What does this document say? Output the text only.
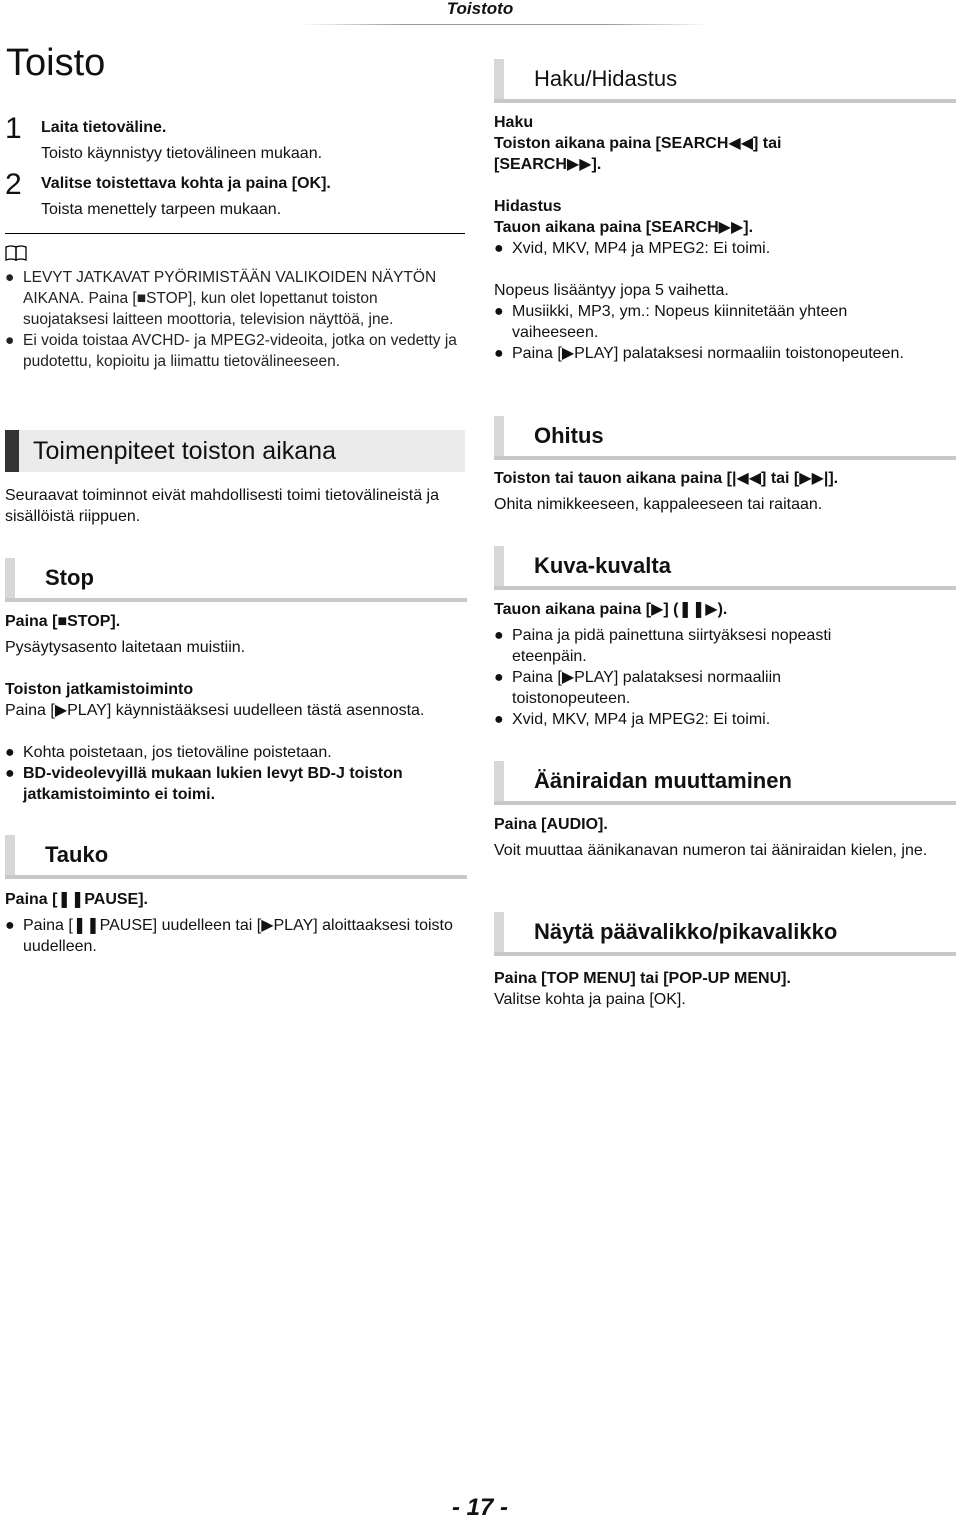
Toistoto
Toisto
1 Laita tietoväline.
Toisto käynnistyy tietovälineen mukaan.
2 Valitse toistettava kohta ja paina [OK].
Toista menettely tarpeen mukaan.
● LEVYT JATKAVAT PYÖRIMISTÄÄN VALIKOIDEN NÄYTÖN AIKANA. Paina [■STOP], kun olet lopettanut toiston suojataksesi laitteen moottoria, television näyttöä, jne.
● Ei voida toistaa AVCHD- ja MPEG2-videoita, jotka on vedetty ja pudotettu, kopioitu ja liimattu tietovälineeseen.
Toimenpiteet toiston aikana
Seuraavat toiminnot eivät mahdollisesti toimi tietovälineistä ja sisällöistä riippuen.
Stop
Paina [■STOP].
Pysäytysasento laitetaan muistiin.
Toiston jatkamistoiminto
Paina [▶PLAY] käynnistääksesi uudelleen tästä asennosta.
● Kohta poistetaan, jos tietoväline poistetaan.
● BD-videolevyillä mukaan lukien levyt BD-J toiston jatkamistoiminto ei toimi.
Tauko
Paina [❚❚PAUSE].
● Paina [❚❚PAUSE] uudelleen tai [▶PLAY] aloittaaksesi toisto uudelleen.
Haku/Hidastus
Haku
Toiston aikana paina [SEARCH◀◀] tai [SEARCH▶▶].
Hidastus
Tauon aikana paina [SEARCH▶▶].
● Xvid, MKV, MP4 ja MPEG2: Ei toimi.
Nopeus lisääntyy jopa 5 vaihetta.
● Musiikki, MP3, ym.: Nopeus kiinnitetään yhteen vaiheeseen.
● Paina [▶PLAY] palataksesi normaaliin toistonopeuteen.
Ohitus
Toiston tai tauon aikana paina [|◀◀] tai [▶▶|].
Ohita nimikkeeseen, kappaleeseen tai raitaan.
Kuva-kuvalta
Tauon aikana paina [▶] (❚❚▶).
● Paina ja pidä painettuna siirtyäksesi nopeasti eteenpäin.
● Paina [▶PLAY] palataksesi normaaliin toistonopeuteen.
● Xvid, MKV, MP4 ja MPEG2: Ei toimi.
Ääniraidan muuttaminen
Paina [AUDIO].
Voit muuttaa äänikanavan numeron tai ääniraidan kielen, jne.
Näytä päävalikko/pikavalikko
Paina [TOP MENU] tai [POP-UP MENU].
Valitse kohta ja paina [OK].
- 17 -
